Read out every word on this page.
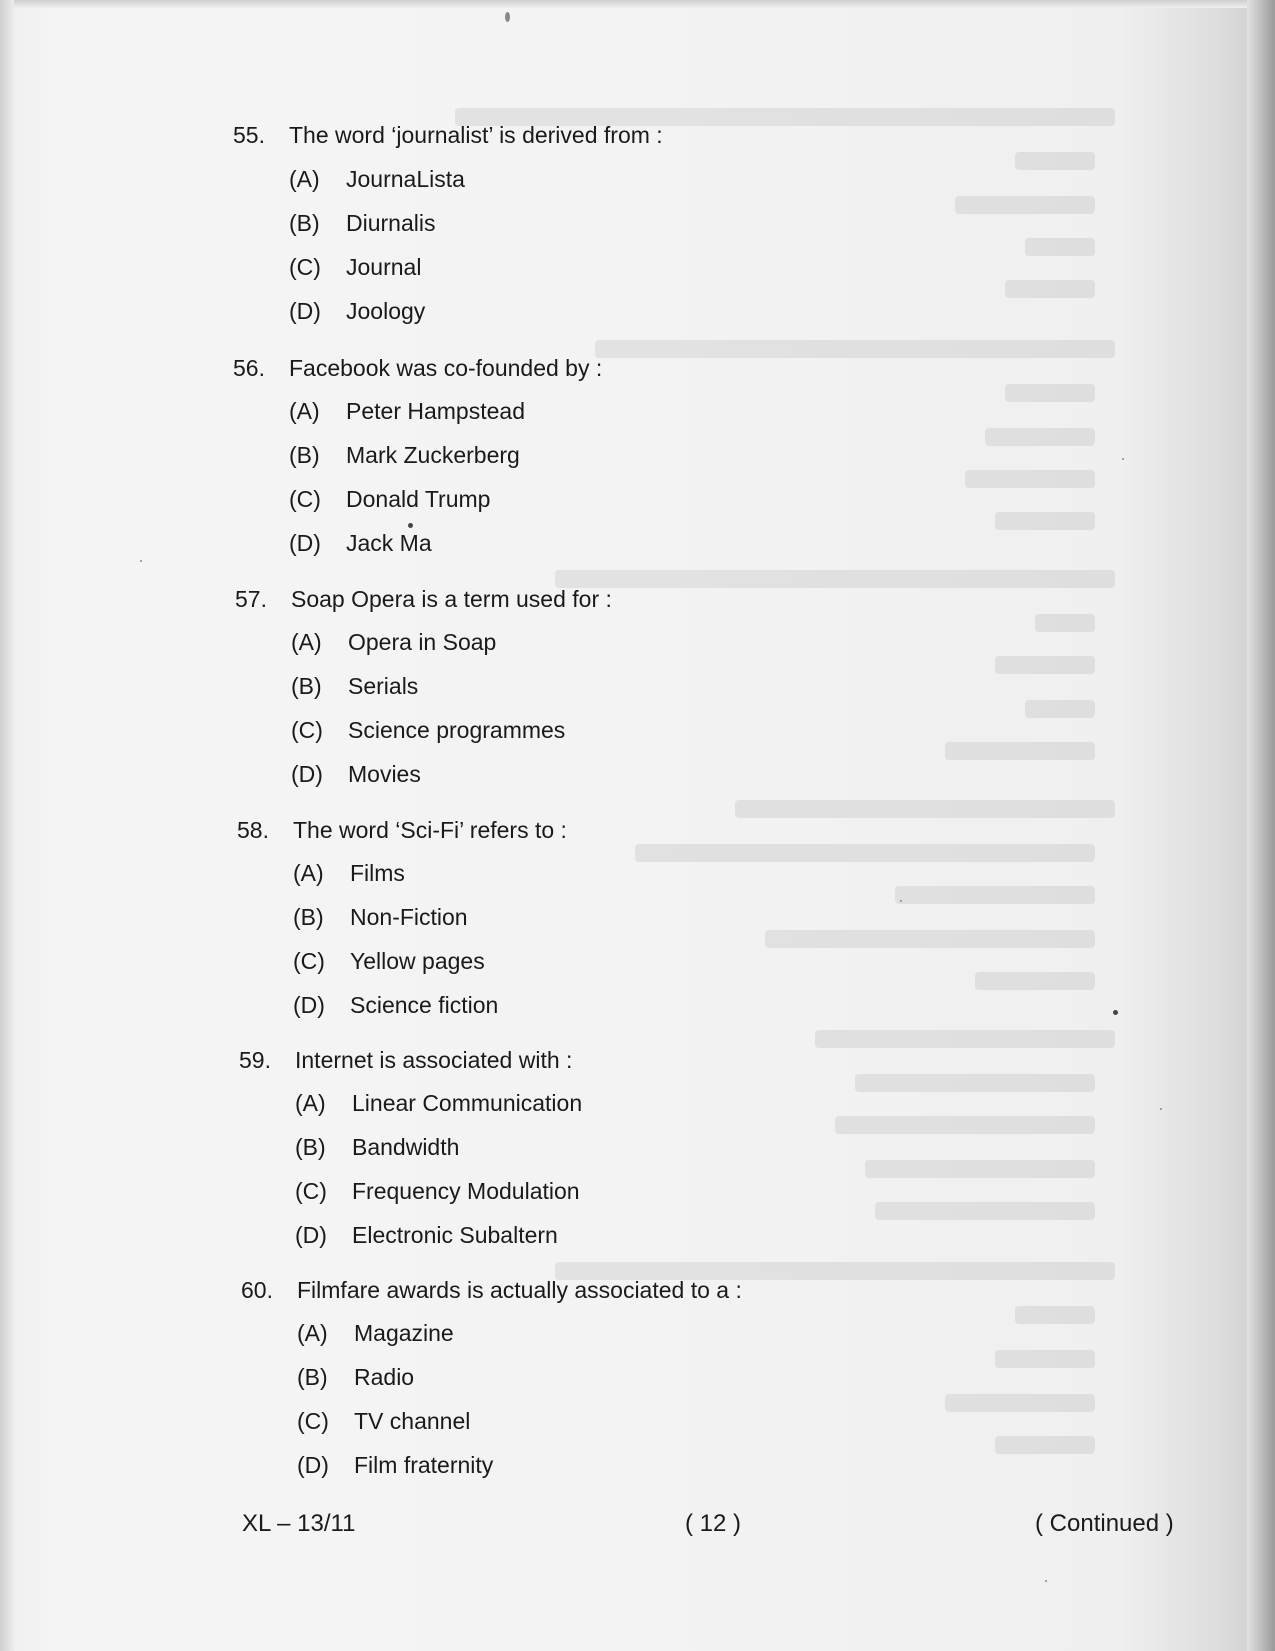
55. The word ‘journalist’ is derived from :
(A) JournaLista
(B) Diurnalis
(C) Journal
(D) Joology
56. Facebook was co-founded by :
(A) Peter Hampstead
(B) Mark Zuckerberg
(C) Donald Trump
(D) Jack Ma
57. Soap Opera is a term used for :
(A) Opera in Soap
(B) Serials
(C) Science programmes
(D) Movies
58. The word ‘Sci-Fi’ refers to :
(A) Films
(B) Non-Fiction
(C) Yellow pages
(D) Science fiction
59. Internet is associated with :
(A) Linear Communication
(B) Bandwidth
(C) Frequency Modulation
(D) Electronic Subaltern
60. Filmfare awards is actually associated to a :
(A) Magazine
(B) Radio
(C) TV channel
(D) Film fraternity
XL – 13/11	( 12 )	( Continued )
